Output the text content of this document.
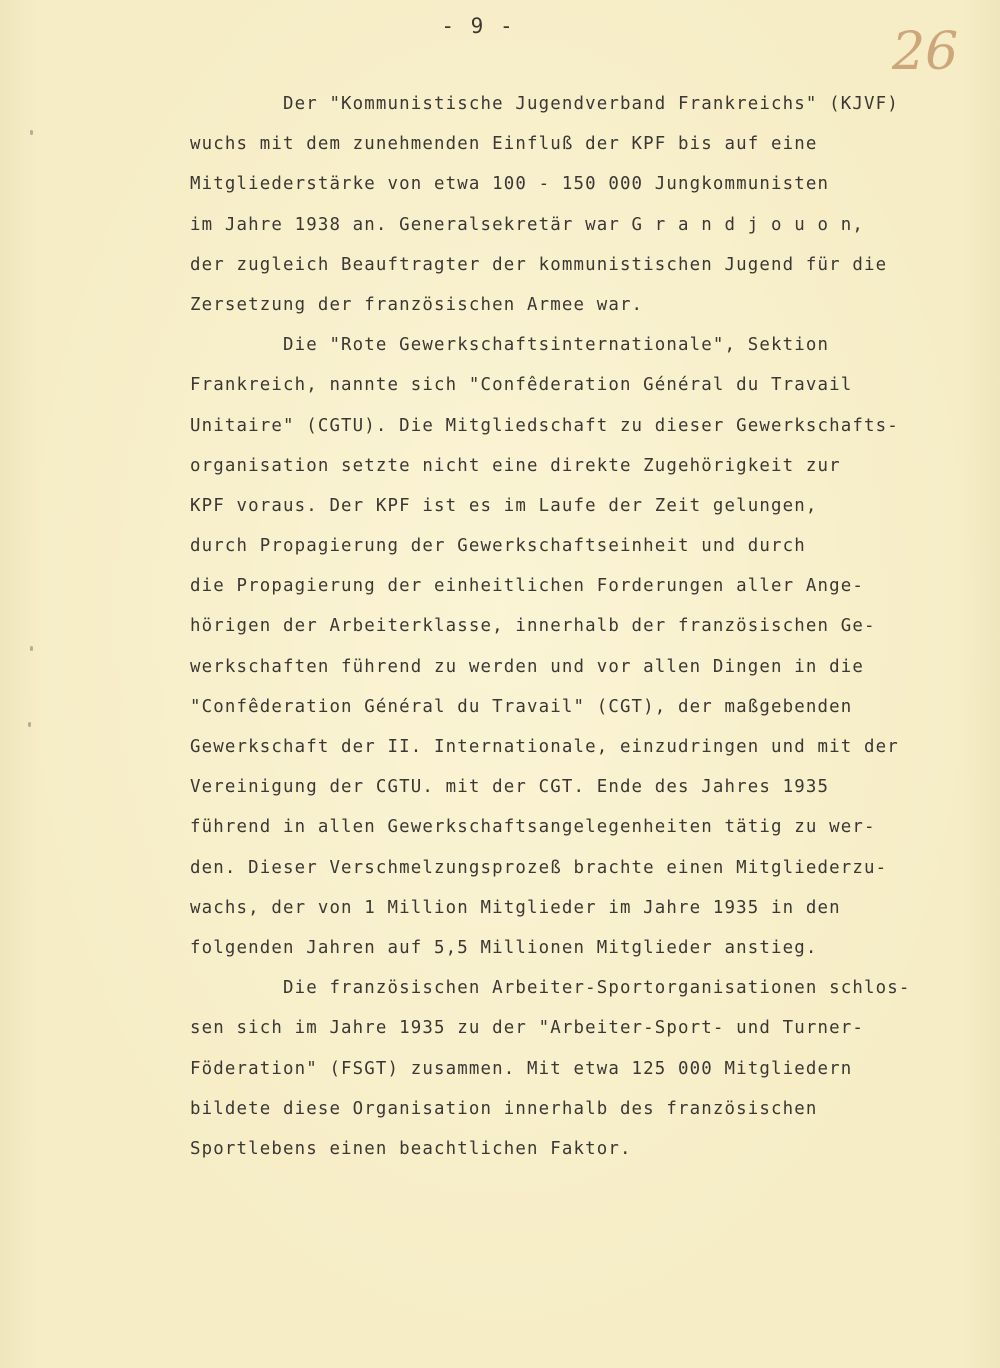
- 9 -	26
Der "Kommunistische Jugendverband Frankreichs" (KJVF)
wuchs mit dem zunehmenden Einfluß der KPF bis auf eine
Mitgliederstärke von etwa 100 - 150 000 Jungkommunisten
im Jahre 1938 an. Generalsekretär war G r a n d j o u o n,
der zugleich Beauftragter der kommunistischen Jugend für die
Zersetzung der französischen Armee war.
Die "Rote Gewerkschaftsinternationale", Sektion
Frankreich, nannte sich "Confêderation Général du Travail
Unitaire" (CGTU). Die Mitgliedschaft zu dieser Gewerkschafts-
organisation setzte nicht eine direkte Zugehörigkeit zur
KPF voraus. Der KPF ist es im Laufe der Zeit gelungen,
durch Propagierung der Gewerkschaftseinheit und durch
die Propagierung der einheitlichen Forderungen aller Ange-
hörigen der Arbeiterklasse, innerhalb der französischen Ge-
werkschaften führend zu werden und vor allen Dingen in die
"Confêderation Général du Travail" (CGT), der maßgebenden
Gewerkschaft der II. Internationale, einzudringen und mit der
Vereinigung der CGTU. mit der CGT. Ende des Jahres 1935
führend in allen Gewerkschaftsangelegenheiten tätig zu wer-
den. Dieser Verschmelzungsprozeß brachte einen Mitgliederzu-
wachs, der von 1 Million Mitglieder im Jahre 1935 in den
folgenden Jahren auf 5,5 Millionen Mitglieder anstieg.
Die französischen Arbeiter-Sportorganisationen schlos-
sen sich im Jahre 1935 zu der "Arbeiter-Sport- und Turner-
Föderation" (FSGT) zusammen. Mit etwa 125 000 Mitgliedern
bildete diese Organisation innerhalb des französischen
Sportlebens einen beachtlichen Faktor.
